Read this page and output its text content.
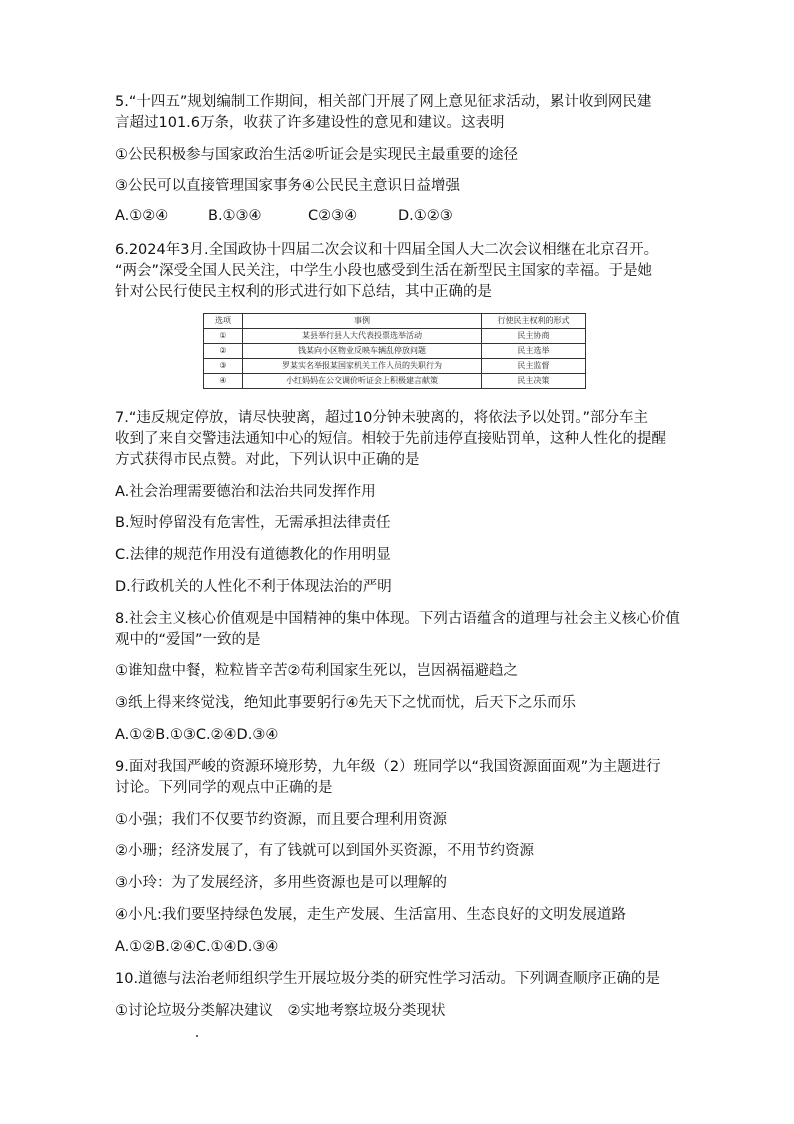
5.“十四五”规划编制工作期间，相关部门开展了网上意见征求活动，累计收到网民建
言超过101.6万条，收获了许多建设性的意见和建议。这表明
①公民积极参与国家政治生活②听证会是实现民主最重要的途径
③公民可以直接管理国家事务④公民民主意识日益增强
A.①②④	B.①③④	C②③④	D.①②③
6.2024年3月.全国政协十四届二次会议和十四届全国人大二次会议相继在北京召开。
“两会”深受全国人民关注，中学生小段也感受到生活在新型民主国家的幸福。于是她
针对公民行使民主权利的形式进行如下总结，其中正确的是
选项	事例	行使民主权利的形式
①	某县举行县人大代表投票选举活动	民主协商
②	钱某向小区物业反映车辆乱停放问题	民主选举
③	罗某实名举报某国家机关工作人员的失职行为	民主监督
④	小红妈妈在公交调价听证会上积极建言献策	民主决策
7.“违反规定停放，请尽快驶离，超过10分钟未驶离的，将依法予以处罚。”部分车主
收到了来自交警违法通知中心的短信。相较于先前违停直接贴罚单，这种人性化的提醒
方式获得市民点赞。对此，下列认识中正确的是
A.社会治理需要德治和法治共同发挥作用
B.短时停留没有危害性，无需承担法律责任
C.法律的规范作用没有道德教化的作用明显
D.行政机关的人性化不利于体现法治的严明
8.社会主义核心价值观是中国精神的集中体现。下列古语蕴含的道理与社会主义核心价值
观中的“爱国”一致的是
①谁知盘中餐，粒粒皆辛苦②苟利国家生死以，岂因祸福避趋之
③纸上得来终觉浅，绝知此事要躬行④先天下之忧而忧，后天下之乐而乐
A.①②B.①③C.②④D.③④
9.面对我国严峻的资源环境形势，九年级（2）班同学以“我国资源面面观”为主题进行
讨论。下列同学的观点中正确的是
①小强；我们不仅要节约资源，而且要合理利用资源
②小珊；经济发展了，有了钱就可以到国外买资源，不用节约资源
③小玲：为了发展经济，多用些资源也是可以理解的
④小凡:我们要坚持绿色发展，走生产发展、生活富用、生态良好的文明发展道路
A.①②B.②④C.①④D.③④
10.道德与法治老师组织学生开展垃圾分类的研究性学习活动。下列调查顺序正确的是
①讨论垃圾分类解决建议　②实地考察垃圾分类现状
